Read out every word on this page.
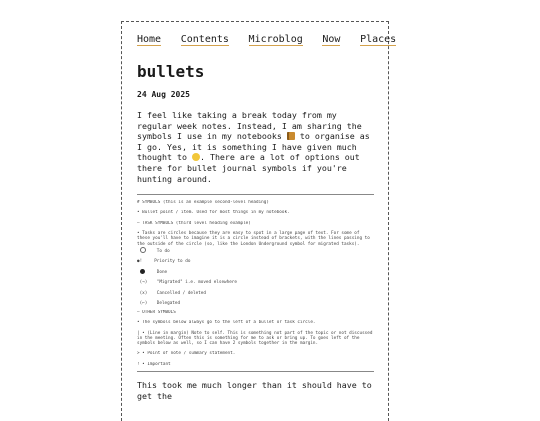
Home Contents Microblog Now Places
bullets

24 Aug 2025

I feel like taking a break today from my regular week notes. Instead, I am sharing the symbols I use in my notebooks to organise as I go. Yes, it is something I have given much thought to . There are a lot of options out there for bullet journal symbols if you're hunting around.

# SYMBOLS (this is an example second-level heading)
• Bullet point / item. Used for most things in my notebook.
– TASK SYMBOLS (third level heading example)
• Tasks are circles because they are easy to spot in a large page of text. For some of these you'll have to imagine it is a circle instead of brackets, with the lines passing to the outside of the circle (so, like the London Underground symbol for migrated tasks).
To do
●!	Priority to do
Done
(→) "Migrated" i.e. moved elsewhere
(x) Cancelled / deleted
(←) Delegated
– OTHER SYMBOLS
• The symbols below always go to the left of a bullet or task circle.
| • (Line in margin) Note to self. This is something not part of the topic or not discussed in the meeting. Often this is something for me to ask or bring up. To goes left of the symbols below as well, so I can have 2 symbols together in the margin.
> • Point of note / summary statement.
! • Important

This took me much longer than it should have to get the
